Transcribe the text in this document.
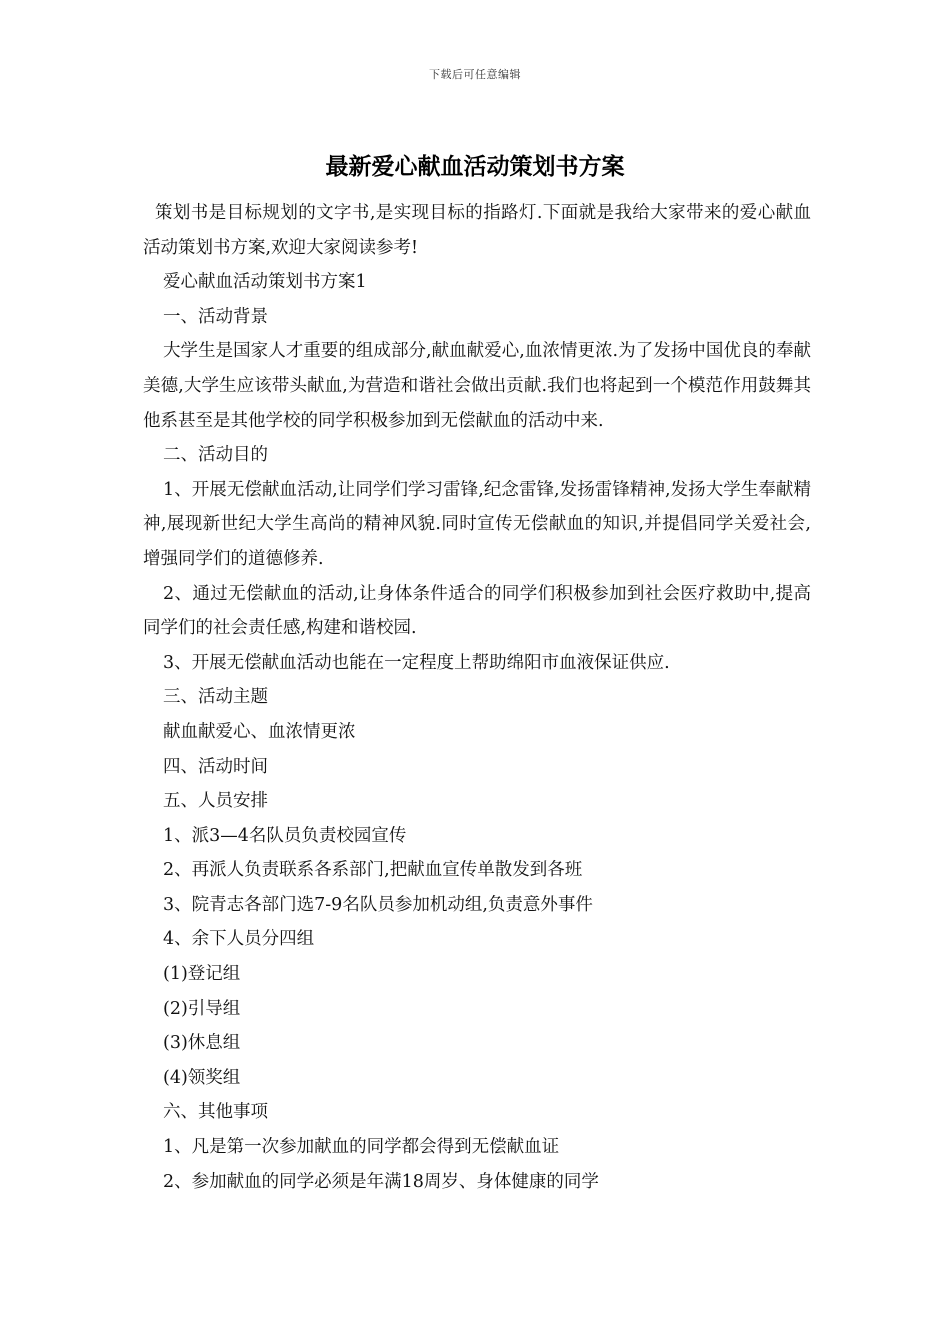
下载后可任意编辑
最新爱心献血活动策划书方案

策划书是目标规划的文字书,是实现目标的指路灯.下面就是我给大家带来的爱心献血活动策划书方案,欢迎大家阅读参考!

爱心献血活动策划书方案1

一、活动背景

大学生是国家人才重要的组成部分,献血献爱心,血浓情更浓.为了发扬中国优良的奉献美德,大学生应该带头献血,为营造和谐社会做出贡献.我们也将起到一个模范作用鼓舞其他系甚至是其他学校的同学积极参加到无偿献血的活动中来.

二、活动目的

1、开展无偿献血活动,让同学们学习雷锋,纪念雷锋,发扬雷锋精神,发扬大学生奉献精神,展现新世纪大学生高尚的精神风貌.同时宣传无偿献血的知识,并提倡同学关爱社会,增强同学们的道德修养.

2、通过无偿献血的活动,让身体条件适合的同学们积极参加到社会医疗救助中,提高同学们的社会责任感,构建和谐校园.

3、开展无偿献血活动也能在一定程度上帮助绵阳市血液保证供应.

三、活动主题

献血献爱心、血浓情更浓

四、活动时间

五、人员安排

1、派3—4名队员负责校园宣传

2、再派人负责联系各系部门,把献血宣传单散发到各班

3、院青志各部门选7-9名队员参加机动组,负责意外事件

4、余下人员分四组

(1)登记组

(2)引导组

(3)休息组

(4)领奖组

六、其他事项

1、凡是第一次参加献血的同学都会得到无偿献血证

2、参加献血的同学必须是年满18周岁、身体健康的同学
